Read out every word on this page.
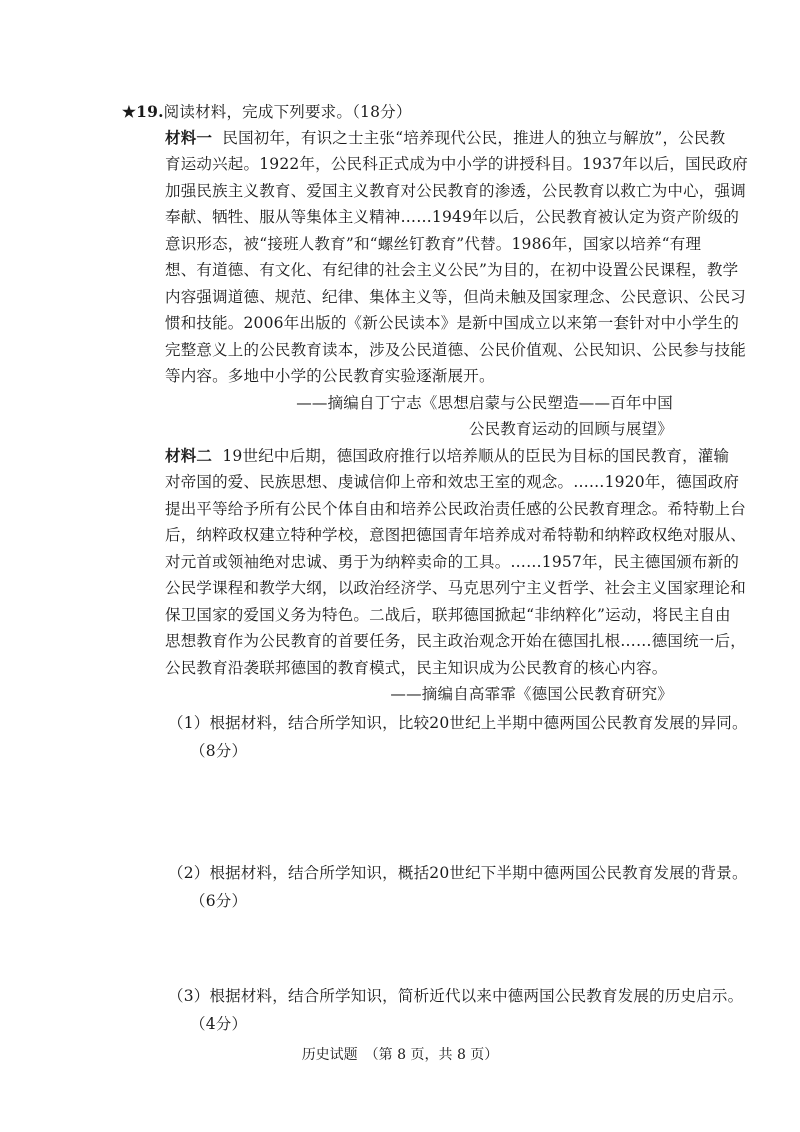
★19.阅读材料，完成下列要求。（18分）
材料一 民国初年，有识之士主张“培养现代公民，推进人的独立与解放”，公民教
育运动兴起。1922年，公民科正式成为中小学的讲授科目。1937年以后，国民政府
加强民族主义教育、爱国主义教育对公民教育的渗透，公民教育以救亡为中心，强调
奉献、牺牲、服从等集体主义精神……1949年以后，公民教育被认定为资产阶级的
意识形态，被“接班人教育”和“螺丝钉教育”代替。1986年，国家以培养“有理
想、有道德、有文化、有纪律的社会主义公民”为目的，在初中设置公民课程，教学
内容强调道德、规范、纪律、集体主义等，但尚未触及国家理念、公民意识、公民习
惯和技能。2006年出版的《新公民读本》是新中国成立以来第一套针对中小学生的
完整意义上的公民教育读本，涉及公民道德、公民价值观、公民知识、公民参与技能
等内容。多地中小学的公民教育实验逐渐展开。
——摘编自丁宁志《思想启蒙与公民塑造——百年中国
公民教育运动的回顾与展望》
材料二 19世纪中后期，德国政府推行以培养顺从的臣民为目标的国民教育，灌输
对帝国的爱、民族思想、虔诚信仰上帝和效忠王室的观念。……1920年，德国政府
提出平等给予所有公民个体自由和培养公民政治责任感的公民教育理念。希特勒上台
后，纳粹政权建立特种学校，意图把德国青年培养成对希特勒和纳粹政权绝对服从、
对元首或领袖绝对忠诚、勇于为纳粹卖命的工具。……1957年，民主德国颁布新的
公民学课程和教学大纲，以政治经济学、马克思列宁主义哲学、社会主义国家理论和
保卫国家的爱国义务为特色。二战后，联邦德国掀起“非纳粹化”运动，将民主自由
思想教育作为公民教育的首要任务，民主政治观念开始在德国扎根……德国统一后，
公民教育沿袭联邦德国的教育模式，民主知识成为公民教育的核心内容。
——摘编自高霏霏《德国公民教育研究》
（1）根据材料，结合所学知识，比较20世纪上半期中德两国公民教育发展的异同。
（8分）
（2）根据材料，结合所学知识，概括20世纪下半期中德两国公民教育发展的背景。
（6分）
（3）根据材料，结合所学知识，简析近代以来中德两国公民教育发展的历史启示。
（4分）
历史试题　（第 8 页，共 8 页）
